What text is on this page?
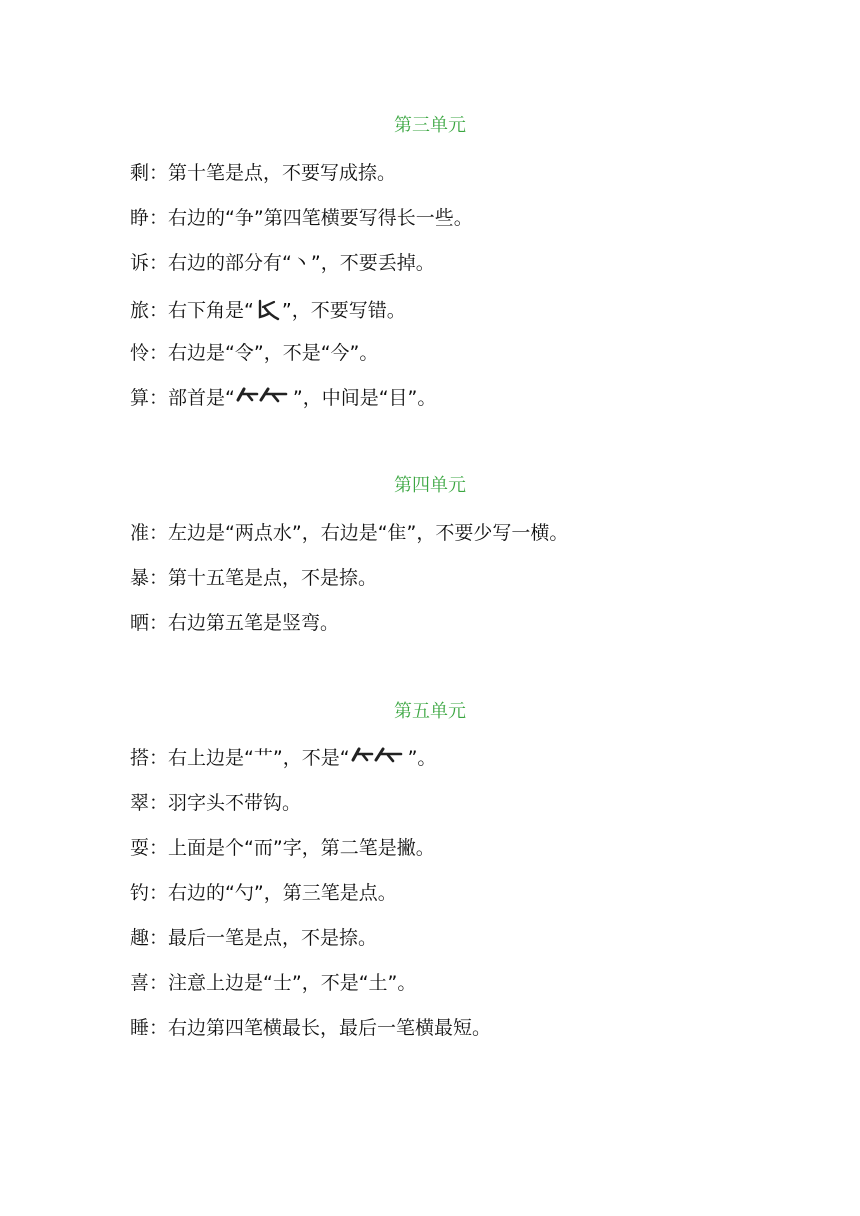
第三单元

剩：第十笔是点，不要写成捺。

睁：右边的“争”第四笔横要写得长一些。

诉：右边的部分有“丶”，不要丢掉。

旅：右下角是“ ”，不要写错。

怜：右边是“令”，不是“今”。

算：部首是“	”，中间是“目”。

第四单元

准：左边是“两点水”，右边是“隹”，不要少写一横。

暴：第十五笔是点，不是捺。

晒：右边第五笔是竖弯。

第五单元

搭：右上边是“艹”，不是“	”。

翠：羽字头不带钩。

耍：上面是个“而”字，第二笔是撇。

钓：右边的“勺”，第三笔是点。

趣：最后一笔是点，不是捺。

喜：注意上边是“士”，不是“土”。

睡：右边第四笔横最长，最后一笔横最短。
